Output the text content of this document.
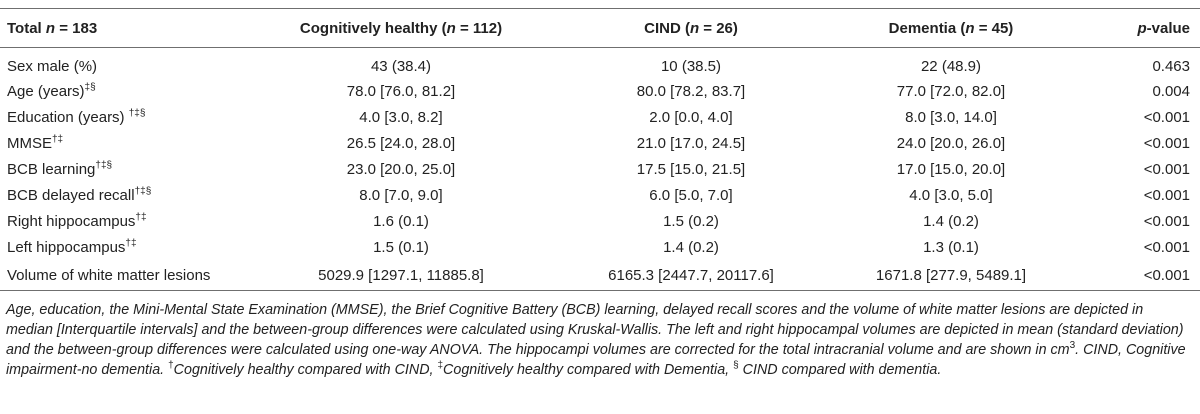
Total n = 183	Cognitively healthy (n = 112)	CIND (n = 26)	Dementia (n = 45)	p-value
Sex male (%)	43 (38.4)	10 (38.5)	22 (48.9)	0.463
Age (years)‡§	78.0 [76.0, 81.2]	80.0 [78.2, 83.7]	77.0 [72.0, 82.0]	0.004
Education (years) †‡§	4.0 [3.0, 8.2]	2.0 [0.0, 4.0]	8.0 [3.0, 14.0]	<0.001
MMSE†‡	26.5 [24.0, 28.0]	21.0 [17.0, 24.5]	24.0 [20.0, 26.0]	<0.001
BCB learning†‡§	23.0 [20.0, 25.0]	17.5 [15.0, 21.5]	17.0 [15.0, 20.0]	<0.001
BCB delayed recall†‡§	8.0 [7.0, 9.0]	6.0 [5.0, 7.0]	4.0 [3.0, 5.0]	<0.001
Right hippocampus†‡	1.6 (0.1)	1.5 (0.2)	1.4 (0.2)	<0.001
Left hippocampus†‡	1.5 (0.1)	1.4 (0.2)	1.3 (0.1)	<0.001
Volume of white matter lesions	5029.9 [1297.1, 11885.8]	6165.3 [2447.7, 20117.6]	1671.8 [277.9, 5489.1]	<0.001

Age, education, the Mini-Mental State Examination (MMSE), the Brief Cognitive Battery (BCB) learning, delayed recall scores and the volume of white matter lesions are depicted in median [Interquartile intervals] and the between-group differences were calculated using Kruskal-Wallis. The left and right hippocampal volumes are depicted in mean (standard deviation) and the between-group differences were calculated using one-way ANOVA. The hippocampi volumes are corrected for the total intracranial volume and are shown in $cm^3$. CIND, Cognitive impairment-no dementia. †Cognitively healthy compared with CIND, ‡Cognitively healthy compared with Dementia, § CIND compared with dementia.
